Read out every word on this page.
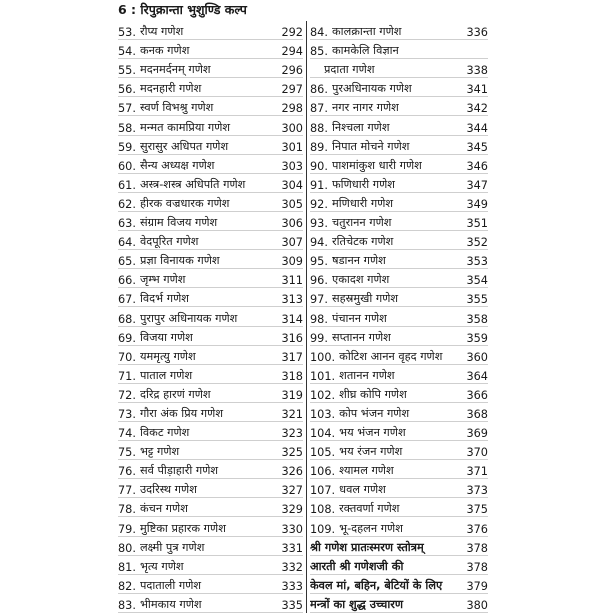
6 : रिपुक्रान्ता भुशुण्डि कल्प
53. रौप्य गणेश	292
54. कनक गणेश	294
55. मदनमर्दनम् गणेश	296
56. मदनहारी गणेश	297
57. स्वर्ण विभश्रु गणेश	298
58. मन्मत कामप्रिया गणेश	300
59. सुरासुर अधिपत गणेश	301
60. सैन्य अध्यक्ष गणेश	303
61. अस्त्र-शस्त्र अधिपति गणेश	304
62. हीरक वज्रधारक गणेश	305
63. संग्राम विजय गणेश	306
64. वेदपूरित गणेश	307
65. प्रज्ञा विनायक गणेश	309
66. जृम्भ गणेश	311
67. विदर्भ गणेश	313
68. पुरापुर अधिनायक गणेश	314
69. विजया गणेश	316
70. यममृत्यु गणेश	317
71. पाताल गणेश	318
72. दरिद्र हारणं गणेश	319
73. गौरा अंक प्रिय गणेश	321
74. विकट गणेश	323
75. भट्ट गणेश	325
76. सर्व पीड़ाहारी गणेश	326
77. उदरिस्थ गणेश	327
78. कंचन गणेश	329
79. मुष्टिका प्रहारक गणेश	330
80. लक्ष्मी पुत्र गणेश	331
81. भृत्य गणेश	332
82. पदाताली गणेश	333
83. भीमकाय गणेश	335
84. कालक्रान्ता गणेश	336
85. कामकेलि विज्ञान
प्रदाता गणेश	338
86. पुरअधिनायक गणेश	341
87. नगर नागर गणेश	342
88. निश्चला गणेश	344
89. निपात मोचने गणेश	345
90. पाशमांकुश धारी गणेश	346
91. फणिधारी गणेश	347
92. मणिधारी गणेश	349
93. चतुरानन गणेश	351
94. रतिचेटक गणेश	352
95. षडानन गणेश	353
96. एकादश गणेश	354
97. सहस्रमुखी गणेश	355
98. पंचानन गणेश	358
99. सप्तानन गणेश	359
100. कोटिश आनन वृहद गणेश	360
101. शतानन गणेश	364
102. शीघ्र कोपि गणेश	366
103. कोप भंजन गणेश	368
104. भय भंजन गणेश	369
105. भय रंजन गणेश	370
106. श्यामल गणेश	371
107. धवल गणेश	373
108. रक्तवर्णा गणेश	375
109. भू-दहलन गणेश	376
श्री गणेश प्रातःस्मरण स्तोत्रम्	378
आरती श्री गणेशजी की	378
केवल मां, बहिन, बेटियों के लिए	379
मन्त्रों का शुद्ध उच्चारण	380
